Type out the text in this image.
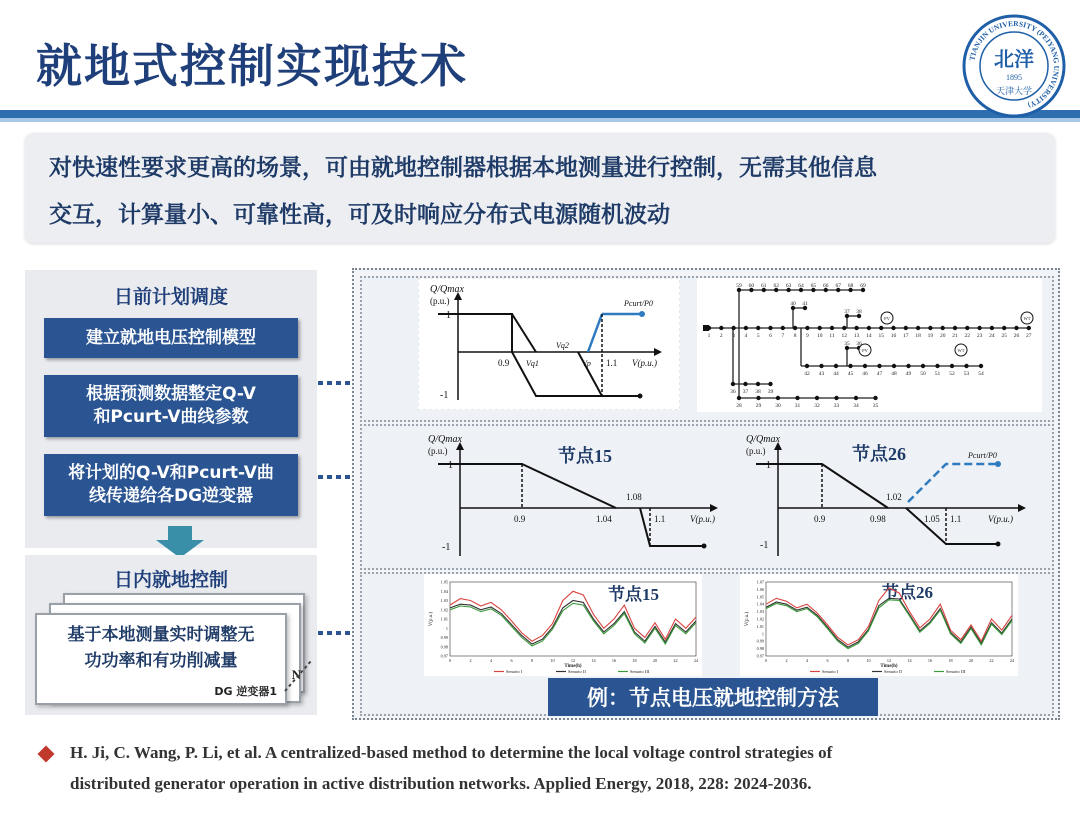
就地式控制实现技术	TIANJIN UNIVERSITY (PEIYANG UNIVERSITY)
北洋
1895
天津大学
对快速性要求更高的场景，可由就地控制器根据本地测量进行控制，无需其他信息
交互，计算量小、可靠性高，可及时响应分布式电源随机波动
日前计划调度
建立就地电压控制模型
根据预测数据整定Q-V
和Pcurt-V曲线参数
将计划的Q-V和Pcurt-V曲
线传递给各DG逆变器
日内就地控制
N
基于本地测量实时调整无
功功率和有功削减量
DG 逆变器1
Q/Qmax
(p.u.)
1
-1
0.9 Vq1
Vq2
Vp 1.1 V(p.u.)
Pcurt/P0
1 2 3 4 5 6 7 8 9 10 11 12 13 14 15 16 17 18 19 20 21 22 23 24 25 26 27
59 60 61 62 63 64 65 66 67 68 69
40 41
37 38
42 43 44 45 46 47 48 49 50 51 52 53 54
35 36
36 37 38 39
28	29	30	31	32	33	34	35
PV	WT
WT
PV
Q/Qmax
(p.u.)	节点15
1
-1
0.9	1.04
1.08
1.1	V(p.u.)
Q/Qmax
(p.u.)	节点26
1
-1
0.9	0.98
1.02
1.05 1.1	V(p.u.)
Pcurt/P0
节点15
1.05
1.04
1.03
1.02
1.01
1
0.99
0.98
0.97
0	2	4	6	8	10	12	14	16	18	20	22	24
Time(h)
V(p.u.)
Senario I	Senario II	Senario III
节点26
1.07
1.06
1.05
1.04
1.03
1.02
1.01
1
0.99
0.98
0.97
0	2	4	6	8	10	12	14	16	18	20	22	24
Time(h)
V(p.u.)
Senario I	Senario II	Senario III
例：节点电压就地控制方法
H. Ji, C. Wang, P. Li, et al. A centralized-based method to determine the local voltage control strategies of
distributed generator operation in active distribution networks. Applied Energy, 2018, 228: 2024-2036.
